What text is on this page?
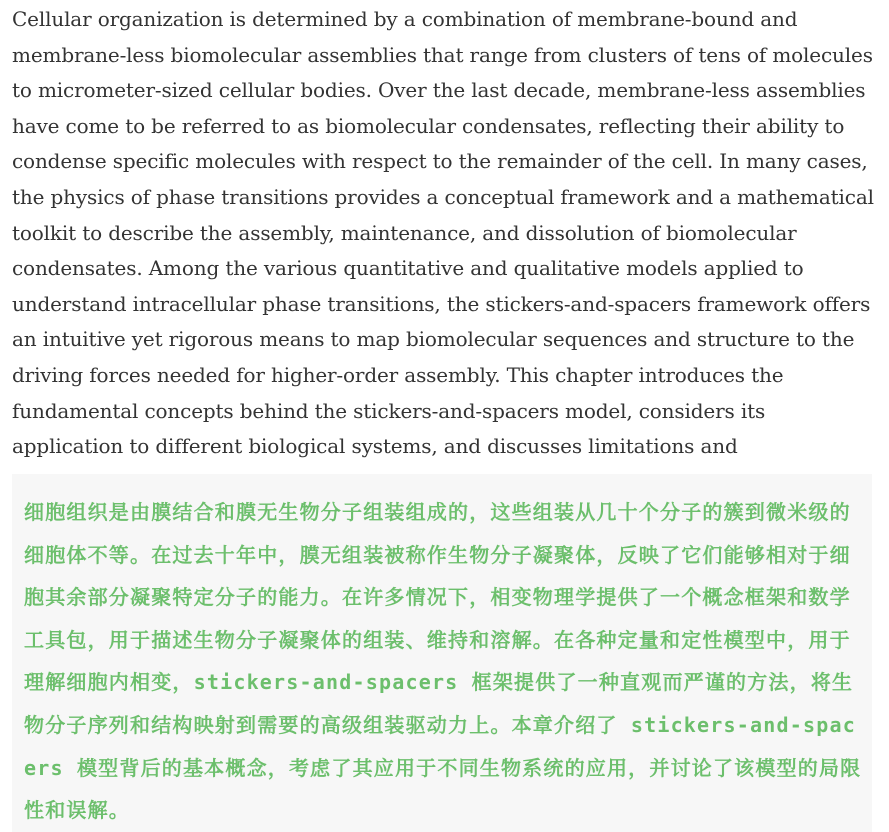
Cellular organization is determined by a combination of membrane-bound and membrane-less biomolecular assemblies that range from clusters of tens of molecules to micrometer-sized cellular bodies. Over the last decade, membrane-less assemblies have come to be referred to as biomolecular condensates, reflecting their ability to condense specific molecules with respect to the remainder of the cell. In many cases, the physics of phase transitions provides a conceptual framework and a mathematical toolkit to describe the assembly, maintenance, and dissolution of biomolecular condensates. Among the various quantitative and qualitative models applied to understand intracellular phase transitions, the stickers-and-spacers framework offers an intuitive yet rigorous means to map biomolecular sequences and structure to the driving forces needed for higher-order assembly. This chapter introduces the fundamental concepts behind the stickers-and-spacers model, considers its application to different biological systems, and discusses limitations and

细胞组织是由膜结合和膜无生物分子组装组成的，这些组装从几十个分子的簇到微米级的细胞体不等。在过去十年中，膜无组装被称作生物分子凝聚体，反映了它们能够相对于细胞其余部分凝聚特定分子的能力。在许多情况下，相变物理学提供了一个概念框架和数学工具包，用于描述生物分子凝聚体的组装、维持和溶解。在各种定量和定性模型中，用于理解细胞内相变，stickers-and-spacers 框架提供了一种直观而严谨的方法，将生物分子序列和结构映射到需要的高级组装驱动力上。本章介绍了 stickers-and-spacers 模型背后的基本概念，考虑了其应用于不同生物系统的应用，并讨论了该模型的局限性和误解。
